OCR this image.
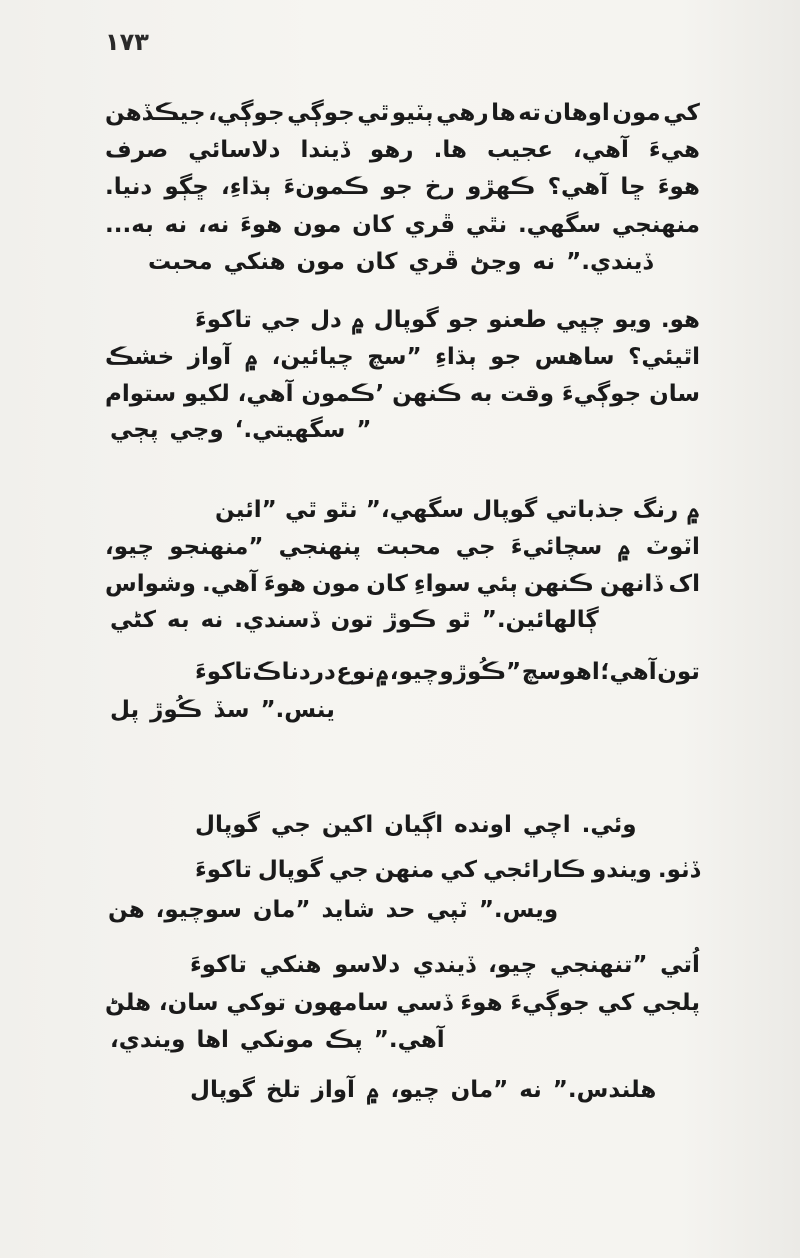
۱۷۳
جيڪڏهن جوڳي، جوڳي ٿي ٻٽيو رهي ها ته اوهان مون کي
صرف دلاسائي ڏيندا رهو ها. عجيب آهي، هيءَ
دنيا. ڇڳو ٻڌاءِ، ڪمونءَ جو رخ ڪهڙو آهي؟ ڇا هوءَ
به... نه نه، هوءَ مون کان ڦري نٿي سگهي. منهنجي
محبت هنکي مون کان ڦري وڃڻ نه ڏيندي.”
تاکوءَ جي دل ۾ گوپال جو طعنو چڀي ويو هو.
خشڪ آواز ۾ چيائين، ”سچ ٻڌاءِ جو ساهس اٿيئي؟
ستوام لکيو آهي، ’ڪمون ڪنهن به وقت جوڳيءَ سان
پڄي وڃي سگهيتي.‘ ”
”ائين ٿي نٿو سگهي،” گوپال جذباتي رنگ ۾
چيو، ”منهنجو پنهنجي محبت جي سچائيءَ ۾ اٽوٽ
وشواس آهي. هوءَ مون کان سواءِ ٻئي ڪنهن ڏانهن اک
کڻي به نه ڏسندي. تون ڪوڙ ٿو ڳالهائين.”
تاکوءَ دردناڪ نوع ۾ چيو، ”ڪُوڙو سچ اهو آهي؛ تون
پل ڪُوڙ سڏ ينس.”
گوپال جي اکين اڳيان اونده اچي وئي.
تاکوءَ گوپال جي منهن کي ڪارائجي ويندو ڏٺو.
هن سوچيو، ”مان شايد حد ٽپي ويس.”
تاکوءَ هنکي دلاسو ڏيندي چيو، ”تنهنجي اُتي
هلڻ سان، توکي سامهون ڏسي هوءَ جوڳيءَ کي پلجي
ويندي، اها مونکي پڪ آهي.”
گوپال تلخ آواز ۾ چيو، ”مان نه هلندس.”
